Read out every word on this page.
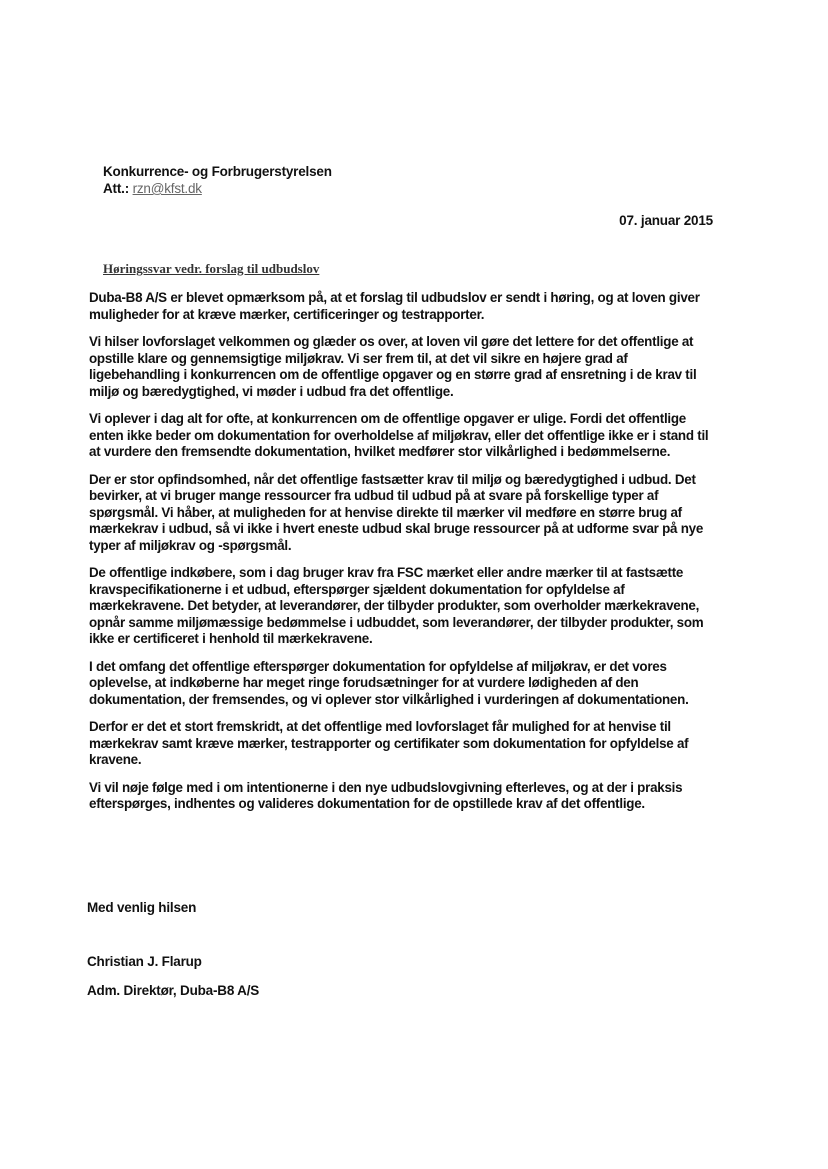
Konkurrence- og Forbrugerstyrelsen
Att.: rzn@kfst.dk
07. januar 2015
Høringssvar vedr. forslag til udbudslov

Duba-B8 A/S er blevet opmærksom på, at et forslag til udbudslov er sendt i høring, og at loven giver muligheder for at kræve mærker, certificeringer og testrapporter.

Vi hilser lovforslaget velkommen og glæder os over, at loven vil gøre det lettere for det offentlige at opstille klare og gennemsigtige miljøkrav. Vi ser frem til, at det vil sikre en højere grad af ligebehandling i konkurrencen om de offentlige opgaver og en større grad af ensretning i de krav til miljø og bæredygtighed, vi møder i udbud fra det offentlige.

Vi oplever i dag alt for ofte, at konkurrencen om de offentlige opgaver er ulige. Fordi det offentlige enten ikke beder om dokumentation for overholdelse af miljøkrav, eller det offentlige ikke er i stand til at vurdere den fremsendte dokumentation, hvilket medfører stor vilkårlighed i bedømmelserne.

Der er stor opfindsomhed, når det offentlige fastsætter krav til miljø og bæredygtighed i udbud. Det bevirker, at vi bruger mange ressourcer fra udbud til udbud på at svare på forskellige typer af spørgsmål. Vi håber, at muligheden for at henvise direkte til mærker vil medføre en større brug af mærkekrav i udbud, så vi ikke i hvert eneste udbud skal bruge ressourcer på at udforme svar på nye typer af miljøkrav og -spørgsmål.

De offentlige indkøbere, som i dag bruger krav fra FSC mærket eller andre mærker til at fastsætte kravspecifikationerne i et udbud, efterspørger sjældent dokumentation for opfyldelse af mærkekravene. Det betyder, at leverandører, der tilbyder produkter, som overholder mærkekravene, opnår samme miljømæssige bedømmelse i udbuddet, som leverandører, der tilbyder produkter, som ikke er certificeret i henhold til mærkekravene.

I det omfang det offentlige efterspørger dokumentation for opfyldelse af miljøkrav, er det vores oplevelse, at indkøberne har meget ringe forudsætninger for at vurdere lødigheden af den dokumentation, der fremsendes, og vi oplever stor vilkårlighed i vurderingen af dokumentationen.

Derfor er det et stort fremskridt, at det offentlige med lovforslaget får mulighed for at henvise til mærkekrav samt kræve mærker, testrapporter og certifikater som dokumentation for opfyldelse af kravene.

Vi vil nøje følge med i om intentionerne i den nye udbudslovgivning efterleves, og at der i praksis efterspørges, indhentes og valideres dokumentation for de opstillede krav af det offentlige.

Med venlig hilsen
Christian J. Flarup
Adm. Direktør, Duba-B8 A/S
